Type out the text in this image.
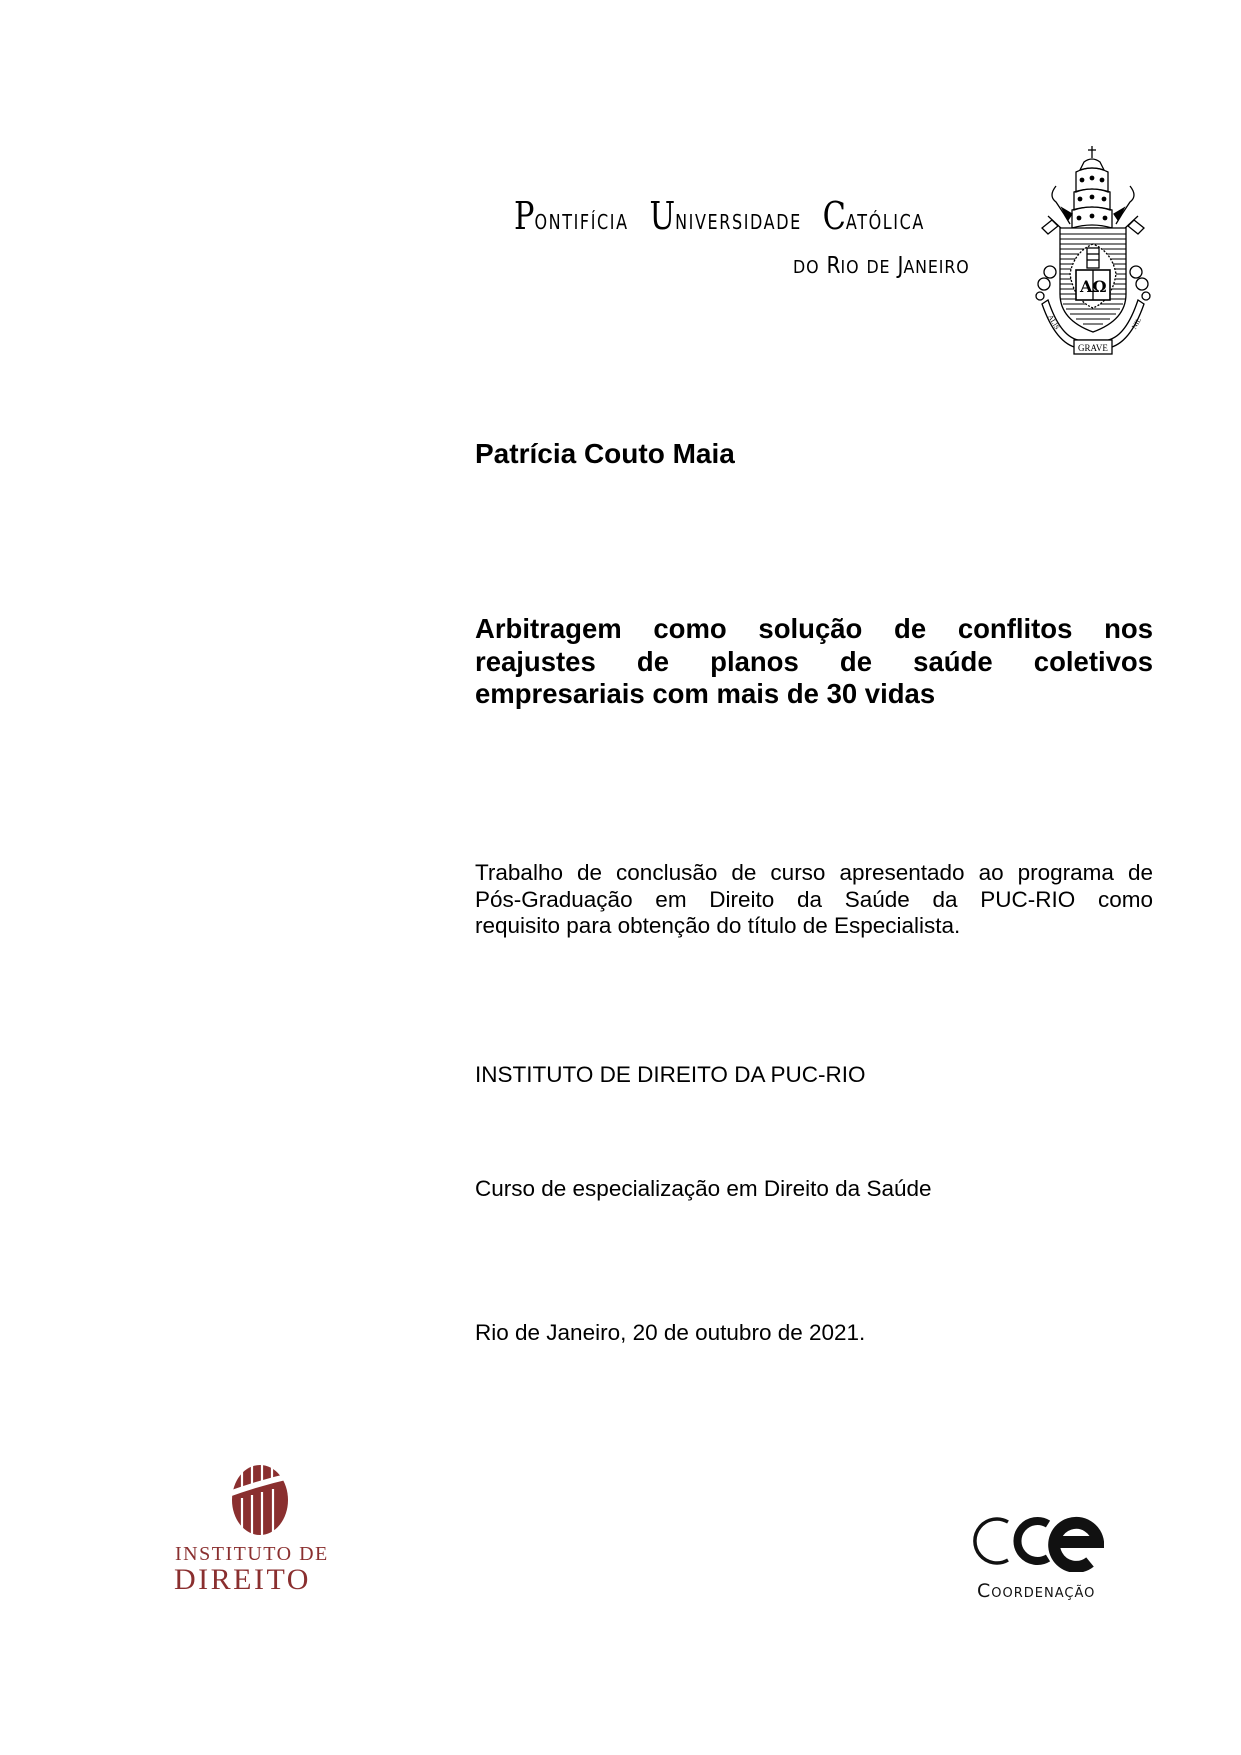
PONTIFÍCIA UNIVERSIDADE CATÓLICA
DO RIO DE JANEIRO
AΩ
GRAVE
ALIS	NIL
Patrícia Couto Maia
Arbitragem como solução de conflitos nos
reajustes de planos de saúde coletivos
empresariais com mais de 30 vidas
Trabalho de conclusão de curso apresentado ao programa de
Pós-Graduação em Direito da Saúde da PUC-RIO como
requisito para obtenção do título de Especialista.
INSTITUTO DE DIREITO DA PUC-RIO
Curso de especialização em Direito da Saúde
Rio de Janeiro, 20 de outubro de 2021.
INSTITUTO DE
DIREITO	COORDENAÇÃO
